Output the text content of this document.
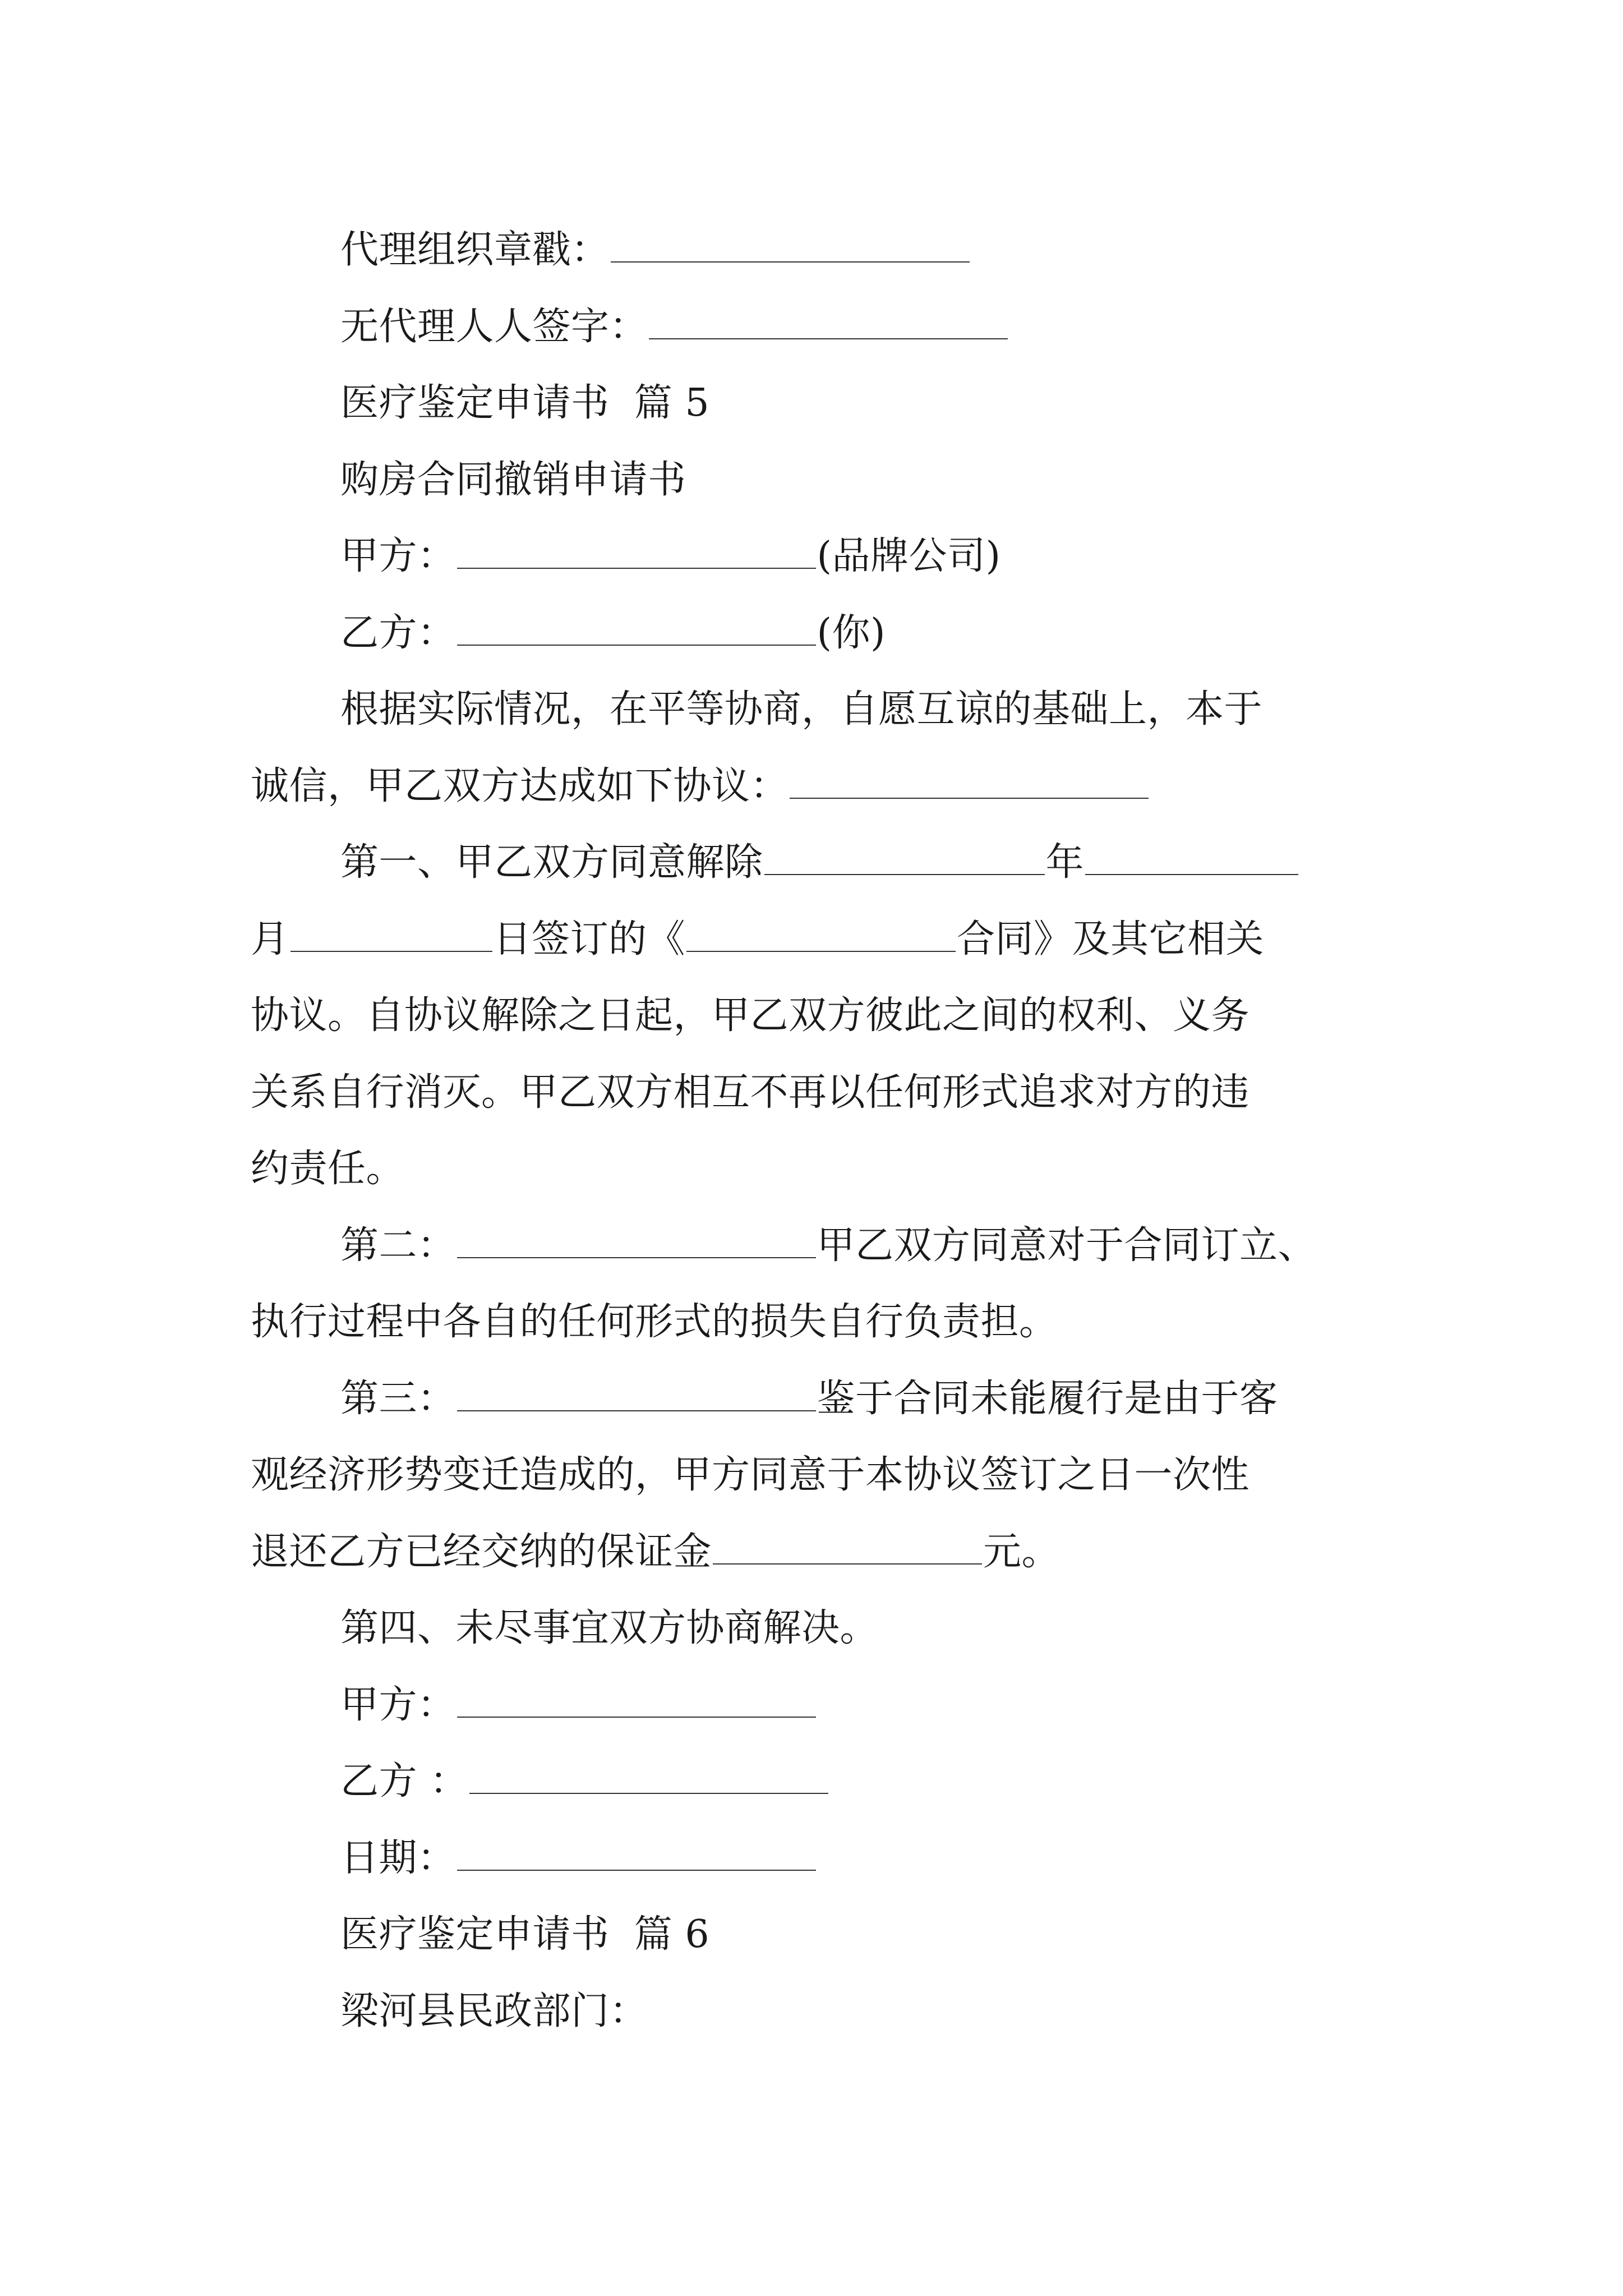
代理组织章戳：
无代理人人签字：
医疗鉴定申请书  篇 5
购房合同撤销申请书
甲方：	(品牌公司)
乙方：	(你)
根据实际情况，在平等协商，自愿互谅的基础上，本于
诚信，甲乙双方达成如下协议：
第一、甲乙双方同意解除	年
月	日签订的《	合同》及其它相关
协议。自协议解除之日起，甲乙双方彼此之间的权利、义务
关系自行消灭。甲乙双方相互不再以任何形式追求对方的违
约责任。
第二：	甲乙双方同意对于合同订立、
执行过程中各自的任何形式的损失自行负责担。
第三：	鉴于合同未能履行是由于客
观经济形势变迁造成的，甲方同意于本协议签订之日一次性
退还乙方已经交纳的保证金	元。
第四、未尽事宜双方协商解决。
甲方：
乙方 ：
日期：
医疗鉴定申请书  篇 6
梁河县民政部门：
